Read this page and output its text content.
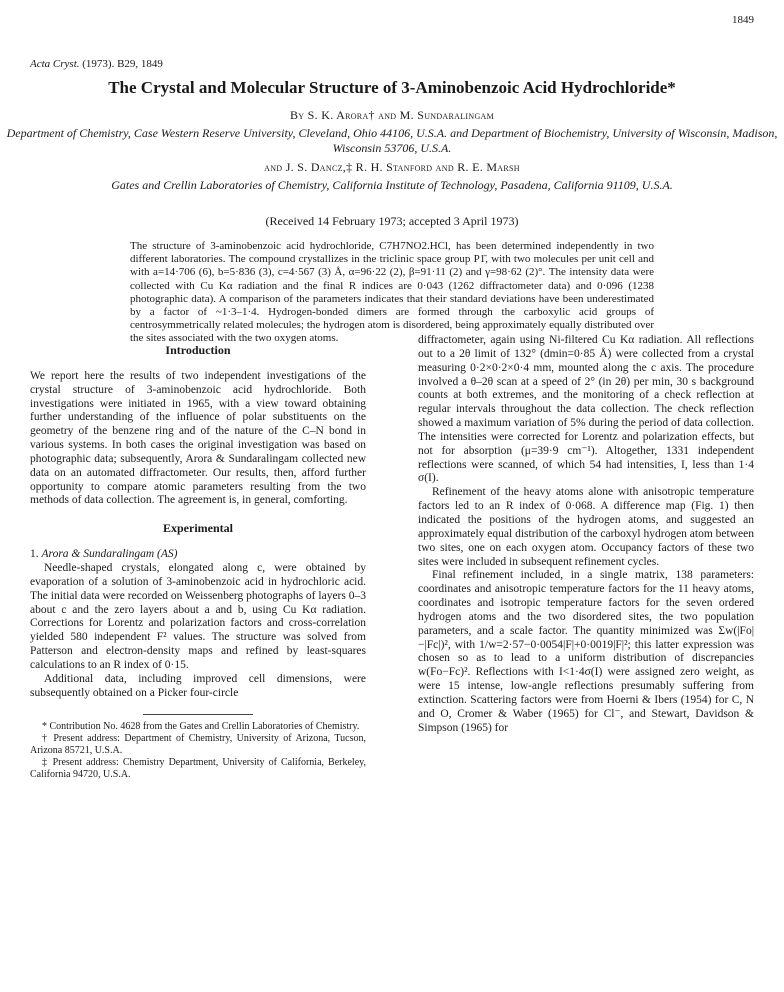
1849
Acta Cryst. (1973). B29, 1849
The Crystal and Molecular Structure of 3-Aminobenzoic Acid Hydrochloride*
By S. K. Arora† and M. Sundaralingam
Department of Chemistry, Case Western Reserve University, Cleveland, Ohio 44106, U.S.A. and Department of Biochemistry, University of Wisconsin, Madison, Wisconsin 53706, U.S.A.
and J. S. Dancz,‡ R. H. Stanford and R. E. Marsh
Gates and Crellin Laboratories of Chemistry, California Institute of Technology, Pasadena, California 91109, U.S.A.
(Received 14 February 1973; accepted 3 April 1973)
The structure of 3-aminobenzoic acid hydrochloride, C7H7NO2.HCl, has been determined independently in two different laboratories. The compound crystallizes in the triclinic space group P1̄, with two molecules per unit cell and with a=14·706 (6), b=5·836 (3), c=4·567 (3) Å, α=96·22 (2), β=91·11 (2) and γ=98·62 (2)°. The intensity data were collected with Cu Kα radiation and the final R indices are 0·043 (1262 diffractometer data) and 0·096 (1238 photographic data). A comparison of the parameters indicates that their standard deviations have been underestimated by a factor of ~1·3–1·4. Hydrogen-bonded dimers are formed through the carboxylic acid groups of centrosymmetrically related molecules; the hydrogen atom is disordered, being approximately equally distributed over the sites associated with the two oxygen atoms.
Introduction

We report here the results of two independent investigations of the crystal structure of 3-aminobenzoic acid hydrochloride. Both investigations were initiated in 1965, with a view toward obtaining further understanding of the influence of polar substituents on the geometry of the benzene ring and of the nature of the C–N bond in various systems. In both cases the original investigation was based on photographic data; subsequently, Arora & Sundaralingam collected new data on an automated diffractometer. Our results, then, afford further opportunity to compare atomic parameters resulting from the two methods of data collection. The agreement is, in general, comforting.

Experimental
1. Arora & Sundaralingam (AS)

Needle-shaped crystals, elongated along c, were obtained by evaporation of a solution of 3-aminobenzoic acid in hydrochloric acid. The initial data were recorded on Weissenberg photographs of layers 0–3 about c and the zero layers about a and b, using Cu Kα radiation. Corrections for Lorentz and polarization factors and cross-correlation yielded 580 independent F² values. The structure was solved from Patterson and electron-density maps and refined by least-squares calculations to an R index of 0·15.

Additional data, including improved cell dimensions, were subsequently obtained on a Picker four-circle

* Contribution No. 4628 from the Gates and Crellin Laboratories of Chemistry.

† Present address: Department of Chemistry, University of Arizona, Tucson, Arizona 85721, U.S.A.

‡ Present address: Chemistry Department, University of California, Berkeley, California 94720, U.S.A.

diffractometer, again using Ni-filtered Cu Kα radiation. All reflections out to a 2θ limit of 132° (dmin=0·85 Å) were collected from a crystal measuring 0·2×0·2×0·4 mm, mounted along the c axis. The procedure involved a θ–2θ scan at a speed of 2° (in 2θ) per min, 30 s background counts at both extremes, and the monitoring of a check reflection at regular intervals throughout the data collection. The check reflection showed a maximum variation of 5% during the period of data collection. The intensities were corrected for Lorentz and polarization effects, but not for absorption (μ=39·9 cm⁻¹). Altogether, 1331 independent reflections were scanned, of which 54 had intensities, I, less than 1·4 σ(I).

Refinement of the heavy atoms alone with anisotropic temperature factors led to an R index of 0·068. A difference map (Fig. 1) then indicated the positions of the hydrogen atoms, and suggested an approximately equal distribution of the carboxyl hydrogen atom between two sites, one on each oxygen atom. Occupancy factors of these two sites were included in subsequent refinement cycles.

Final refinement included, in a single matrix, 138 parameters: coordinates and anisotropic temperature factors for the 11 heavy atoms, coordinates and isotropic temperature factors for the seven ordered hydrogen atoms and the two disordered sites, the two population parameters, and a scale factor. The quantity minimized was Σw(|Fo|−|Fc|)², with 1/w=2·57−0·0054|F|+0·0019|F|²; this latter expression was chosen so as to lead to a uniform distribution of discrepancies w(Fo−Fc)². Reflections with I<1·4σ(I) were assigned zero weight, as were 15 intense, low-angle reflections presumably suffering from extinction. Scattering factors were from Hoerni & Ibers (1954) for C, N and O, Cromer & Waber (1965) for Cl⁻, and Stewart, Davidson & Simpson (1965) for
